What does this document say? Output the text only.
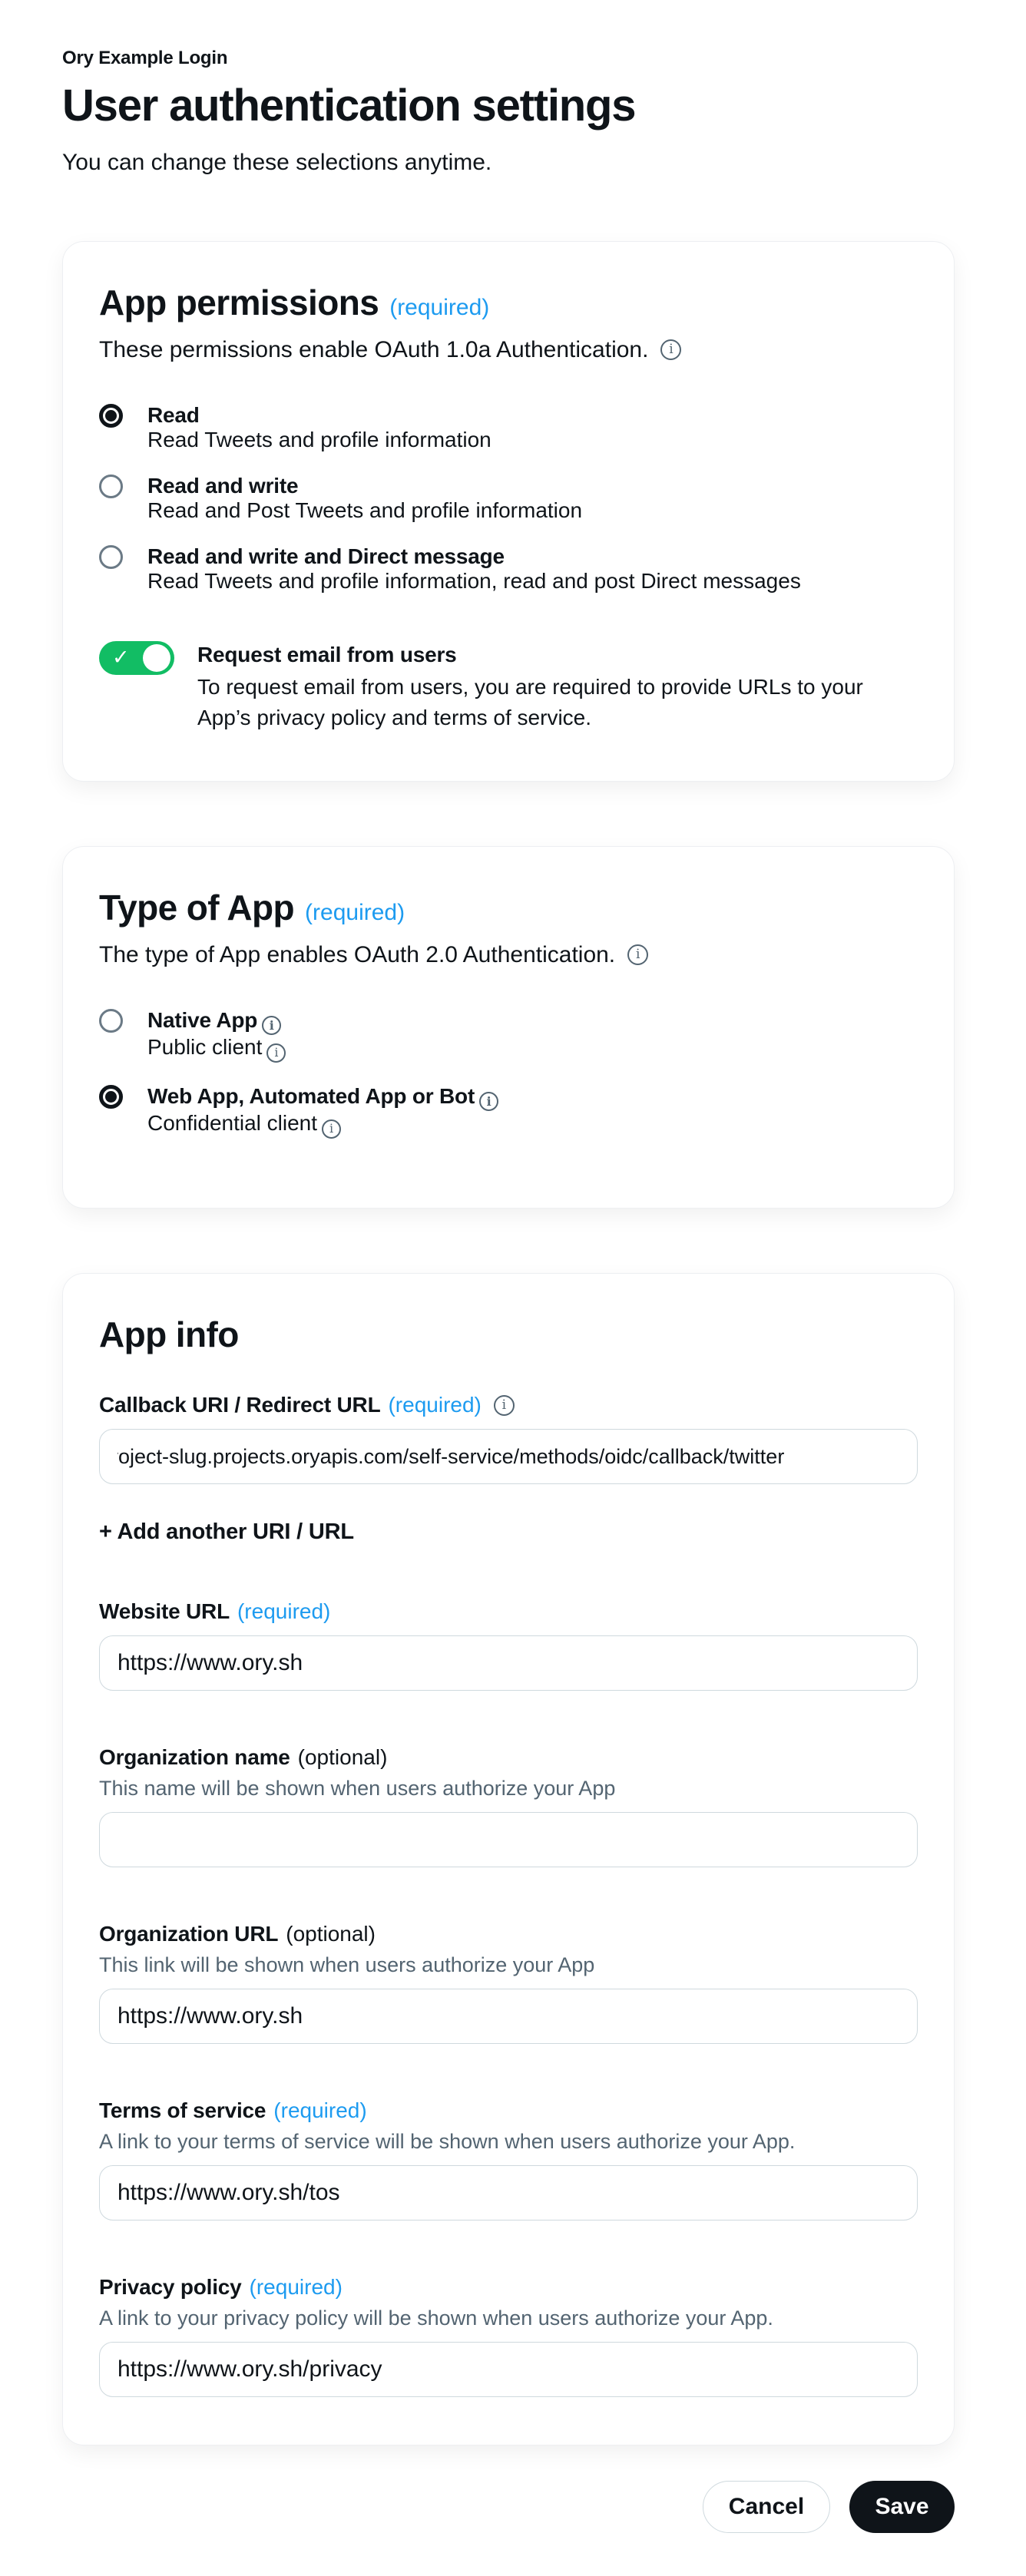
Ory Example Login
User authentication settings
You can change these selections anytime.
App permissions (required)
These permissions enable OAuth 1.0a Authentication.	i
Read
Read Tweets and profile information
Read and write
Read and Post Tweets and profile information
Read and write and Direct message
Read Tweets and profile information, read and post Direct messages
✓	Request email from users
To request email from users, you are required to provide URLs to your App’s privacy policy and terms of service.
Type of App (required)
The type of App enables OAuth 2.0 Authentication.	i
Native App i
Public client i
Web App, Automated App or Bot i
Confidential client i
App info
Callback URI / Redirect URL (required)	i
roject-slug.projects.oryapis.com/self-service/methods/oidc/callback/twitter
+ Add another URI / URL
Website URL (required)
https://www.ory.sh
Organization name (optional)
This name will be shown when users authorize your App
Organization URL (optional)
This link will be shown when users authorize your App
https://www.ory.sh
Terms of service (required)
A link to your terms of service will be shown when users authorize your App.
https://www.ory.sh/tos
Privacy policy (required)
A link to your privacy policy will be shown when users authorize your App.
https://www.ory.sh/privacy
Cancel	Save
